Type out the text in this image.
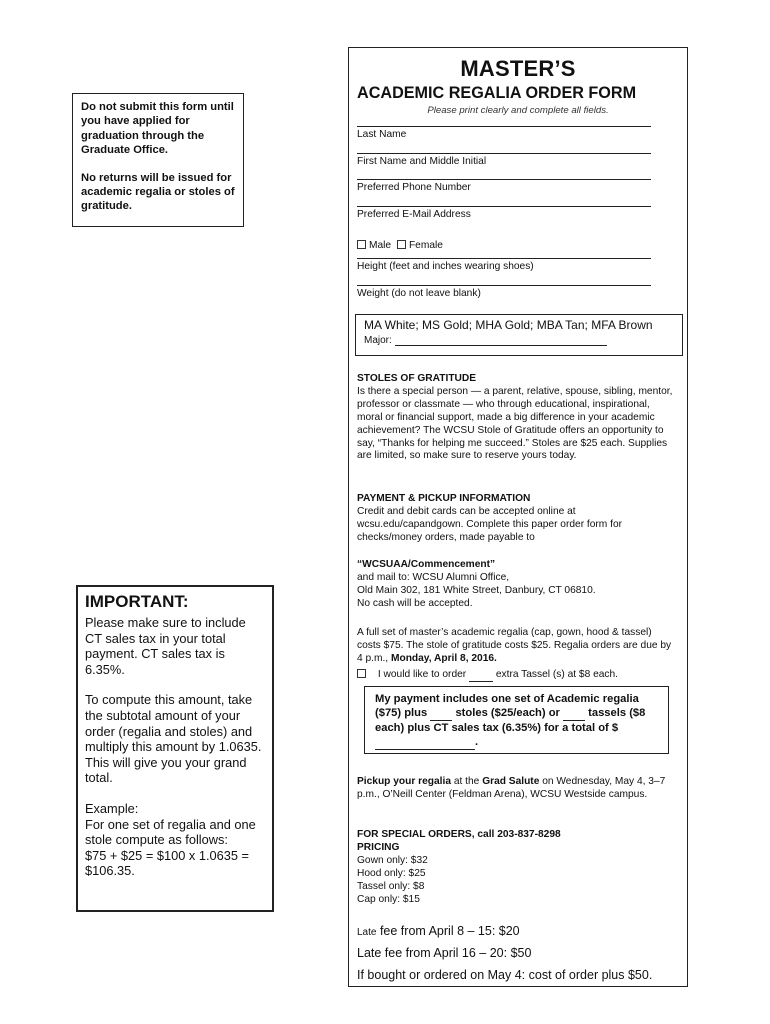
Do not submit this form until you have applied for graduation through the Graduate Office.

No returns will be issued for academic regalia or stoles of gratitude.

IMPORTANT:

Please make sure to include CT sales tax in your total payment. CT sales tax is 6.35%.

To compute this amount, take the subtotal amount of your order (regalia and stoles) and multiply this amount by 1.0635. This will give you your grand total.

Example:
For one set of regalia and one stole compute as follows:
$75 + $25 = $100 x 1.0635 = $106.35.
MASTER’S
ACADEMIC REGALIA ORDER FORM
Please print clearly and complete all fields.
Last Name
First Name and Middle Initial
Preferred Phone Number
Preferred E-Mail Address
Male Female
Height (feet and inches wearing shoes)
Weight (do not leave blank)
MA White; MS Gold; MHA Gold; MBA Tan; MFA Brown
Major:
STOLES OF GRATITUDE
Is there a special person — a parent, relative, spouse, sibling, mentor, professor or classmate — who through educational, inspirational, moral or financial support, made a big difference in your academic achievement? The WCSU Stole of Gratitude offers an opportunity to say, “Thanks for helping me succeed.” Stoles are $25 each. Supplies are limited, so make sure to reserve yours today.
PAYMENT & PICKUP INFORMATION
Credit and debit cards can be accepted online at wcsu.edu/capandgown. Complete this paper order form for checks/money orders, made payable to
“WCSUAA/Commencement”
and mail to: WCSU Alumni Office,
Old Main 302, 181 White Street, Danbury, CT 06810.
No cash will be accepted.
A full set of master’s academic regalia (cap, gown, hood & tassel) costs $75. The stole of gratitude costs $25. Regalia orders are due by 4 p.m., Monday, April 8, 2016.
I would like to order	extra Tassel (s) at $8 each.
My payment includes one set of Academic regalia ($75) plus	stoles ($25/each) or	tassels ($8 each) plus CT sales tax (6.35%) for a total of $.
Pickup your regalia at the Grad Salute on Wednesday, May 4, 3–7 p.m., O’Neill Center (Feldman Arena), WCSU Westside campus.
FOR SPECIAL ORDERS, call 203-837-8298
PRICING
Gown only: $32
Hood only: $25
Tassel only: $8
Cap only: $15
Late fee from April 8 – 15: $20
Late fee from April 16 – 20: $50
If bought or ordered on May 4: cost of order plus $50.
